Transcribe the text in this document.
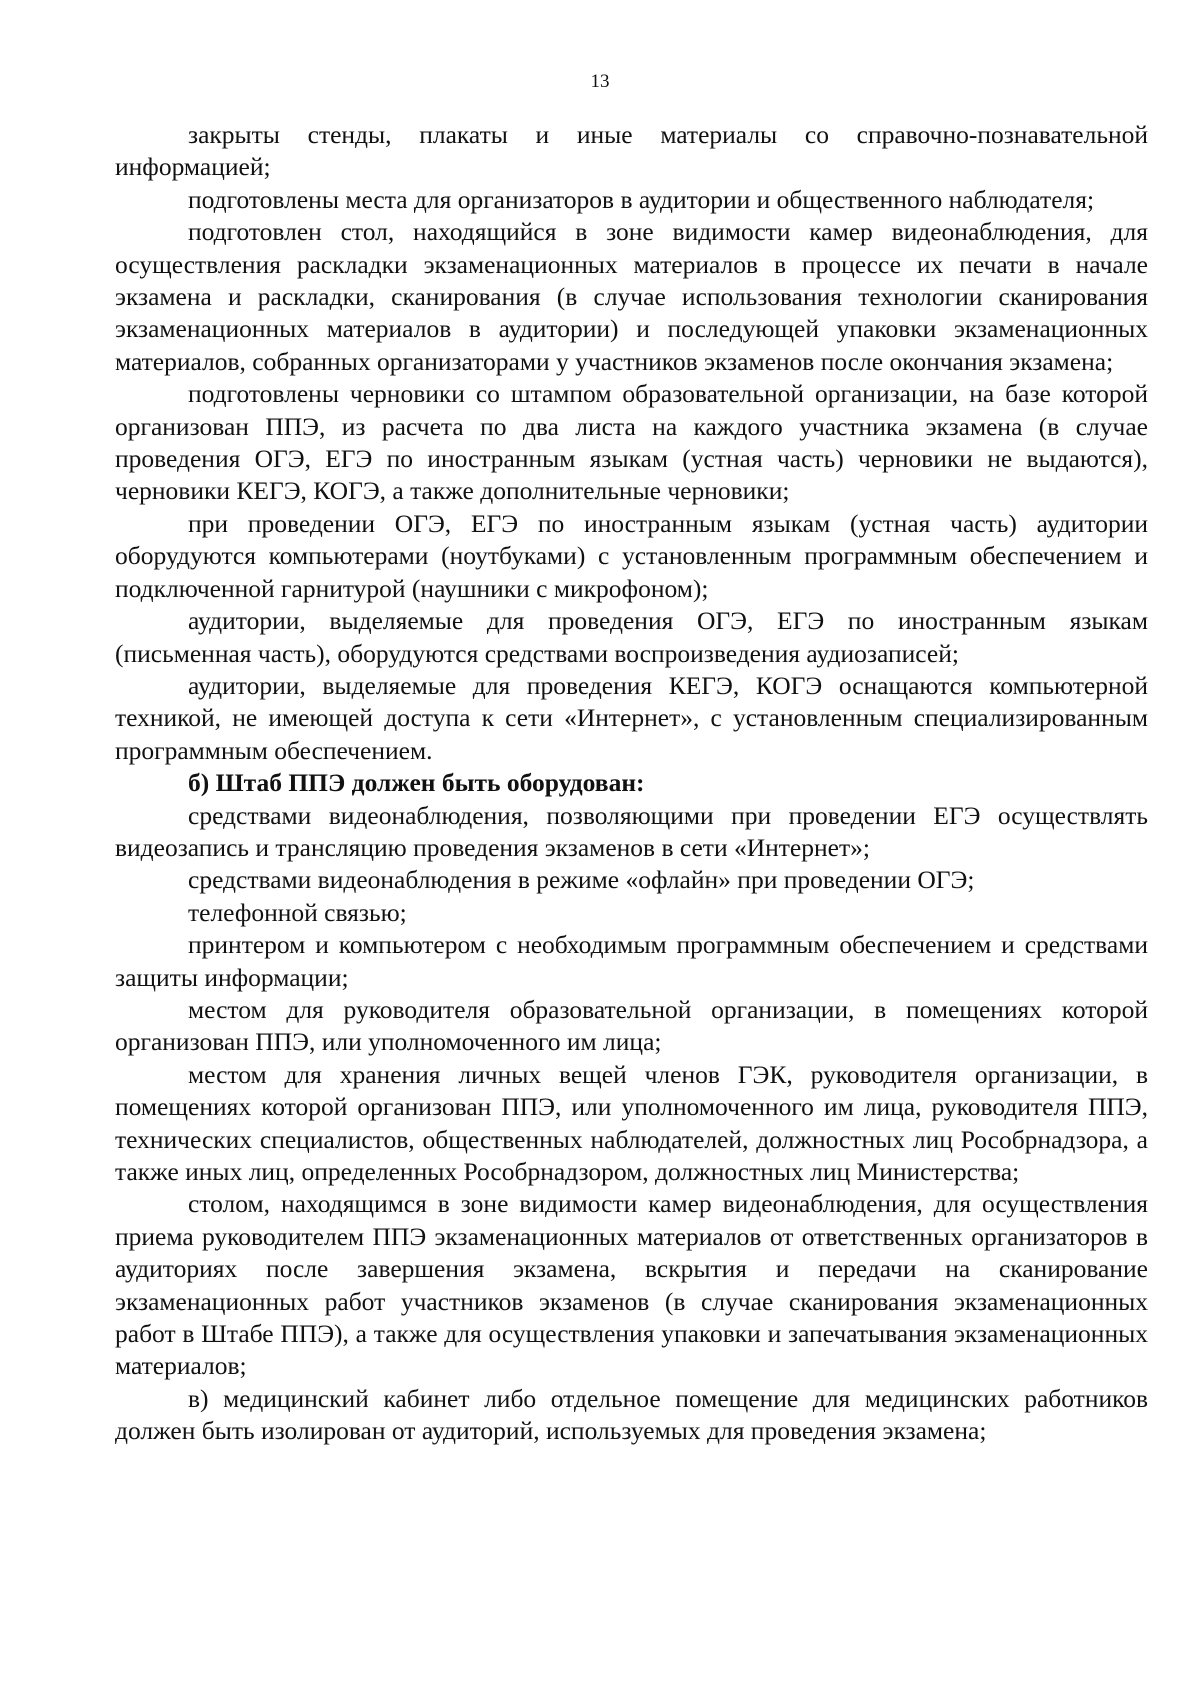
13

закрыты стенды, плакаты и иные материалы со справочно-познавательной информацией;

подготовлены места для организаторов в аудитории и общественного наблюдателя;

подготовлен стол, находящийся в зоне видимости камер видеонаблюдения, для осуществления раскладки экзаменационных материалов в процессе их печати в начале экзамена и раскладки, сканирования (в случае использования технологии сканирования экзаменационных материалов в аудитории) и последующей упаковки экзаменационных материалов, собранных организаторами у участников экзаменов после окончания экзамена;

подготовлены черновики со штампом образовательной организации, на базе которой организован ППЭ, из расчета по два листа на каждого участника экзамена (в случае проведения ОГЭ, ЕГЭ по иностранным языкам (устная часть) черновики не выдаются), черновики КЕГЭ, КОГЭ, а также дополнительные черновики;

при проведении ОГЭ, ЕГЭ по иностранным языкам (устная часть) аудитории оборудуются компьютерами (ноутбуками) с установленным программным обеспечением и подключенной гарнитурой (наушники с микрофоном);

аудитории, выделяемые для проведения ОГЭ, ЕГЭ по иностранным языкам (письменная часть), оборудуются средствами воспроизведения аудиозаписей;

аудитории, выделяемые для проведения КЕГЭ, КОГЭ оснащаются компьютерной техникой, не имеющей доступа к сети «Интернет», с установленным специализированным программным обеспечением.

б) Штаб ППЭ должен быть оборудован:

средствами видеонаблюдения, позволяющими при проведении ЕГЭ осуществлять видеозапись и трансляцию проведения экзаменов в сети «Интернет»;

средствами видеонаблюдения в режиме «офлайн» при проведении ОГЭ;

телефонной связью;

принтером и компьютером с необходимым программным обеспечением и средствами защиты информации;

местом для руководителя образовательной организации, в помещениях которой организован ППЭ, или уполномоченного им лица;

местом для хранения личных вещей членов ГЭК, руководителя организации, в помещениях которой организован ППЭ, или уполномоченного им лица, руководителя ППЭ, технических специалистов, общественных наблюдателей, должностных лиц Рособрнадзора, а также иных лиц, определенных Рособрнадзором, должностных лиц Министерства;

столом, находящимся в зоне видимости камер видеонаблюдения, для осуществления приема руководителем ППЭ экзаменационных материалов от ответственных организаторов в аудиториях после завершения экзамена, вскрытия и передачи на сканирование экзаменационных работ участников экзаменов (в случае сканирования экзаменационных работ в Штабе ППЭ), а также для осуществления упаковки и запечатывания экзаменационных материалов;

в) медицинский кабинет либо отдельное помещение для медицинских работников должен быть изолирован от аудиторий, используемых для проведения экзамена;
